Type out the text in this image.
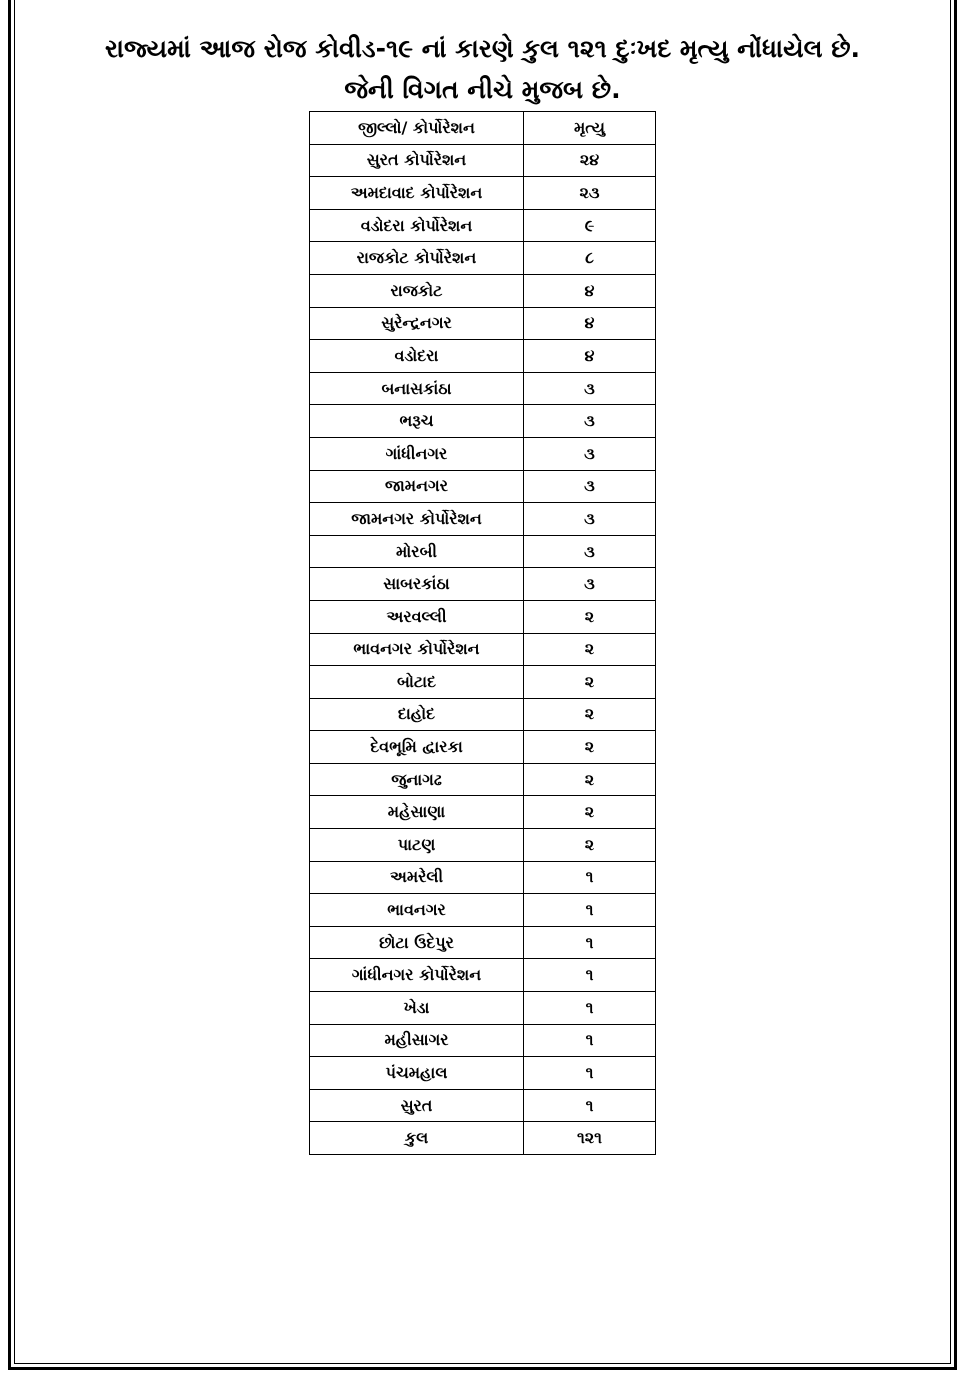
રાજ્યમાં આજ રોજ કોવીડ-૧૯ નાં કારણે કુલ ૧૨૧ દુઃખદ મૃત્યુ નોંધાયેલ છે.
જેની વિગત નીચે મુજબ છે.
જીલ્લો/ કોર્પોરેશન	મૃત્યુ
સુરત કોર્પોરેશન	૨૪
અમદાવાદ કોર્પોરેશન	૨૩
વડોદરા કોર્પોરેશન	૯
રાજકોટ કોર્પોરેશન	૮
રાજકોટ	૪
સુરેન્દ્રનગર	૪
વડોદરા	૪
બનાસકાંઠા	૩
ભરૂચ	૩
ગાંધીનગર	૩
જામનગર	૩
જામનગર કોર્પોરેશન	૩
મોરબી	૩
સાબરકાંઠા	૩
અરવલ્લી	૨
ભાવનગર કોર્પોરેશન	૨
બોટાદ	૨
દાહોદ	૨
દેવભૂમિ દ્વારકા	૨
જુનાગઢ	૨
મહેસાણા	૨
પાટણ	૨
અમરેલી	૧
ભાવનગર	૧
છોટા ઉદેપુર	૧
ગાંધીનગર કોર્પોરેશન	૧
ખેડા	૧
મહીસાગર	૧
પંચમહાલ	૧
સુરત	૧
કુલ	૧૨૧
